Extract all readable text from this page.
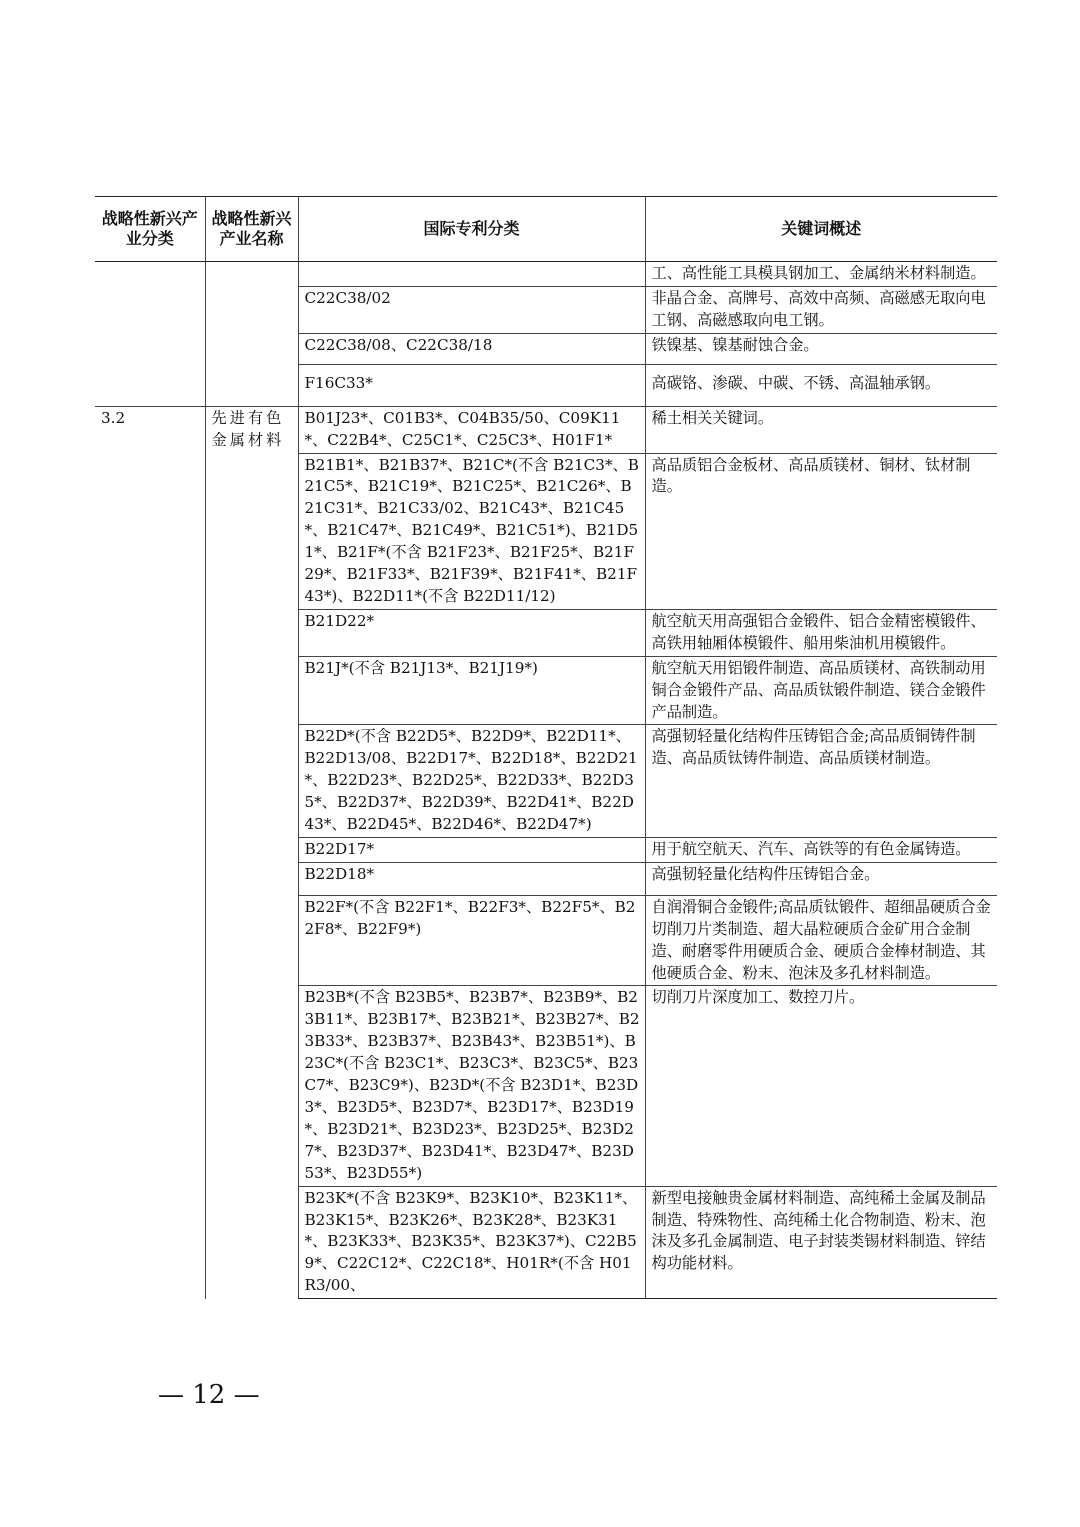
战略性新兴产业分类	战略性新兴产业名称	国际专利分类	关键词概述
			工、高性能工具模具钢加工、金属纳米材料制造。
		C22C38/02	非晶合金、高牌号、高效中高频、高磁感无取向电工钢、高磁感取向电工钢。
		C22C38/08、C22C38/18	铁镍基、镍基耐蚀合金。
		F16C33*	高碳铬、渗碳、中碳、不锈、高温轴承钢。
3.2	先进有色金属材料	B01J23*、C01B3*、C04B35/50、C09K11*、C22B4*、C25C1*、C25C3*、H01F1*	稀土相关关键词。
		B21B1*、B21B37*、B21C*(不含 B21C3*、B21C5*、B21C19*、B21C25*、B21C26*、B21C31*、B21C33/02、B21C43*、B21C45*、B21C47*、B21C49*、B21C51*)、B21D51*、B21F*(不含 B21F23*、B21F25*、B21F29*、B21F33*、B21F39*、B21F41*、B21F43*)、B22D11*(不含 B22D11/12)	高品质铝合金板材、高品质镁材、铜材、钛材制造。
		B21D22*	航空航天用高强铝合金锻件、铝合金精密模锻件、高铁用轴厢体模锻件、船用柴油机用模锻件。
		B21J*(不含 B21J13*、B21J19*)	航空航天用铝锻件制造、高品质镁材、高铁制动用铜合金锻件产品、高品质钛锻件制造、镁合金锻件产品制造。
		B22D*(不含 B22D5*、B22D9*、B22D11*、B22D13/08、B22D17*、B22D18*、B22D21*、B22D23*、B22D25*、B22D33*、B22D35*、B22D37*、B22D39*、B22D41*、B22D43*、B22D45*、B22D46*、B22D47*)	高强韧轻量化结构件压铸铝合金;高品质铜铸件制造、高品质钛铸件制造、高品质镁材制造。
		B22D17*	用于航空航天、汽车、高铁等的有色金属铸造。
		B22D18*	高强韧轻量化结构件压铸铝合金。
		B22F*(不含 B22F1*、B22F3*、B22F5*、B22F8*、B22F9*)	自润滑铜合金锻件;高品质钛锻件、超细晶硬质合金切削刀片类制造、超大晶粒硬质合金矿用合金制造、耐磨零件用硬质合金、硬质合金棒材制造、其他硬质合金、粉末、泡沫及多孔材料制造。
		B23B*(不含 B23B5*、B23B7*、B23B9*、B23B11*、B23B17*、B23B21*、B23B27*、B23B33*、B23B37*、B23B43*、B23B51*)、B23C*(不含 B23C1*、B23C3*、B23C5*、B23C7*、B23C9*)、B23D*(不含 B23D1*、B23D3*、B23D5*、B23D7*、B23D17*、B23D19*、B23D21*、B23D23*、B23D25*、B23D27*、B23D37*、B23D41*、B23D47*、B23D53*、B23D55*)	切削刀片深度加工、数控刀片。
		B23K*(不含 B23K9*、B23K10*、B23K11*、B23K15*、B23K26*、B23K28*、B23K31*、B23K33*、B23K35*、B23K37*)、C22B59*、C22C12*、C22C18*、H01R*(不含 H01R3/00、	新型电接触贵金属材料制造、高纯稀土金属及制品制造、特殊物性、高纯稀土化合物制造、粉末、泡沫及多孔金属制造、电子封装类锡材料制造、锌结构功能材料。
— 12 —
